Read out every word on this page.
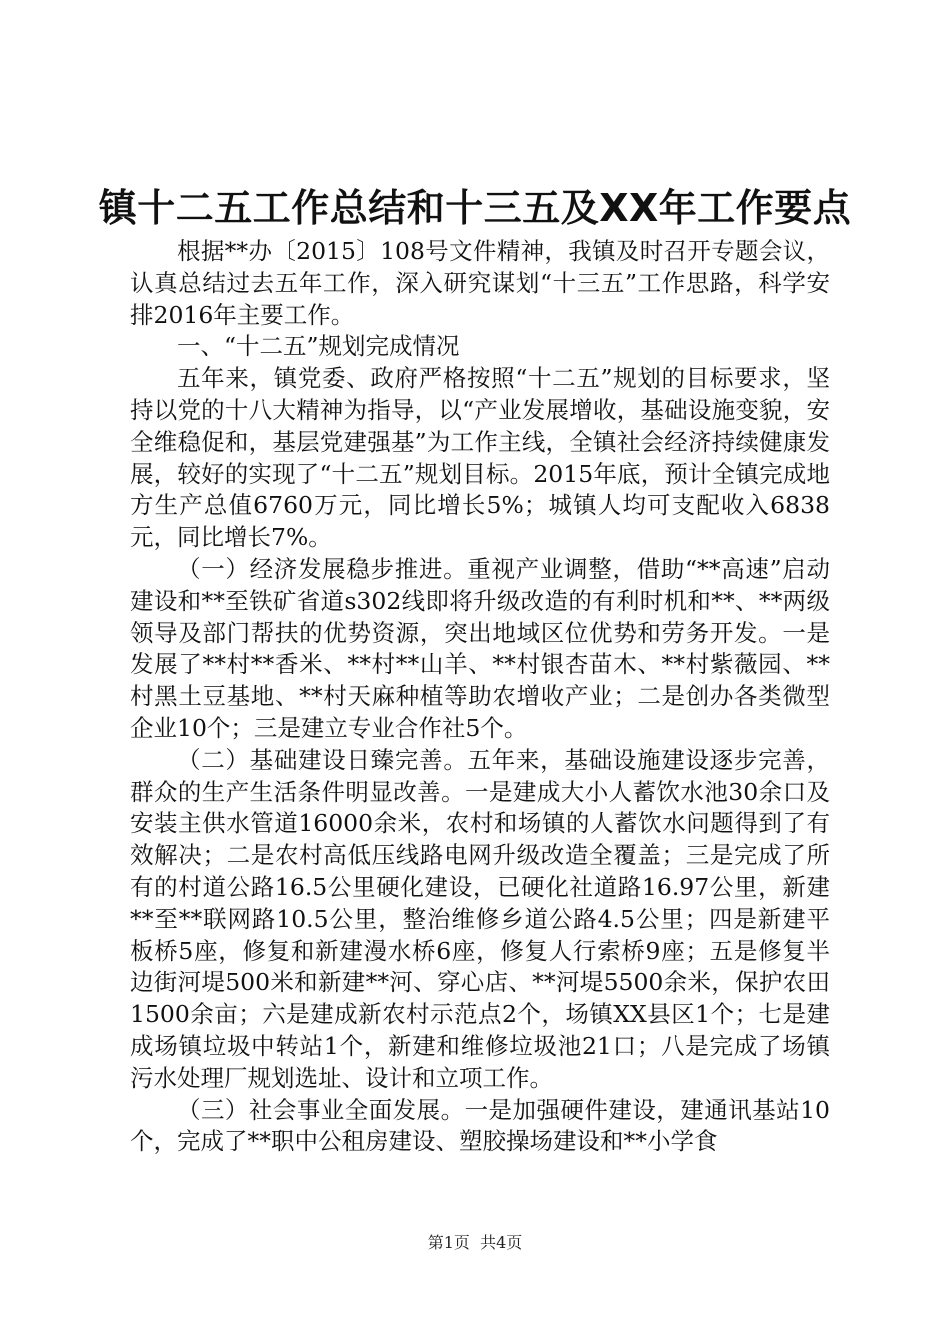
镇十二五工作总结和十三五及XX年工作要点

根据**办〔2015〕108号文件精神，我镇及时召开专题会议，认真总结过去五年工作，深入研究谋划“十三五”工作思路，科学安排2016年主要工作。

一、“十二五”规划完成情况

五年来，镇党委、政府严格按照“十二五”规划的目标要求，坚持以党的十八大精神为指导，以“产业发展增收，基础设施变貌，安全维稳促和，基层党建强基”为工作主线，全镇社会经济持续健康发展，较好的实现了“十二五”规划目标。2015年底，预计全镇完成地方生产总值6760万元，同比增长5%；城镇人均可支配收入6838元，同比增长7%。

（一）经济发展稳步推进。重视产业调整，借助“**高速”启动建设和**至铁矿省道s302线即将升级改造的有利时机和**、**两级领导及部门帮扶的优势资源，突出地域区位优势和劳务开发。一是发展了**村**香米、**村**山羊、**村银杏苗木、**村紫薇园、**村黑土豆基地、**村天麻种植等助农增收产业；二是创办各类微型企业10个；三是建立专业合作社5个。

（二）基础建设日臻完善。五年来，基础设施建设逐步完善，群众的生产生活条件明显改善。一是建成大小人蓄饮水池30余口及安装主供水管道16000余米，农村和场镇的人蓄饮水问题得到了有效解决；二是农村高低压线路电网升级改造全覆盖；三是完成了所有的村道公路16.5公里硬化建设，已硬化社道路16.97公里，新建**至**联网路10.5公里，整治维修乡道公路4.5公里；四是新建平板桥5座，修复和新建漫水桥6座，修复人行索桥9座；五是修复半边街河堤500米和新建**河、穿心店、**河堤5500余米，保护农田1500余亩；六是建成新农村示范点2个，场镇XX县区1个；七是建成场镇垃圾中转站1个，新建和维修垃圾池21口；八是完成了场镇污水处理厂规划选址、设计和立项工作。

（三）社会事业全面发展。一是加强硬件建设，建通讯基站10个，完成了**职中公租房建设、塑胶操场建设和**小学食

第1页 共4页
